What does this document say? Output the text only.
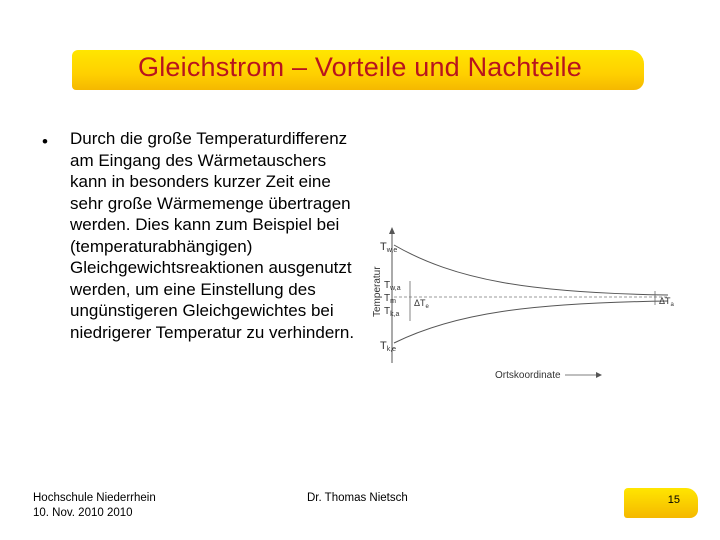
Gleichstrom – Vorteile und Nachteile
• Durch die große Temperaturdifferenz am Eingang des Wärmetauschers kann in besonders kurzer Zeit eine sehr große Wärmemenge übertragen werden. Dies kann zum Beispiel bei (temperaturabhängigen) Gleichgewichtsreaktionen ausgenutzt werden, um eine Einstellung des ungünstigeren Gleichgewichtes bei niedrigerer Temperatur zu verhindern.
Temperatur
Tw,e
$T_{w,a}$
$T_m$
$T_{k,a}$
Tk,e
$\Delta T_e$
$\Delta T_a$
Ortskoordinate
Hochschule Niederrhein
10. Nov. 2010 2010
Dr. Thomas Nietsch	15
